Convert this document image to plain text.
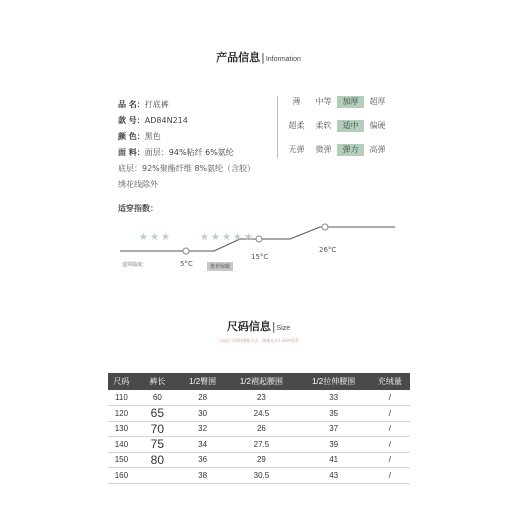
产品信息|Information
品 名：打底裤
款 号：AD84N214
颜 色：黑色
面 料：面层：94%粘纤 6%氨纶
底层：92%聚酯纤维 8%氨纶（含胶）
绣花线除外
薄	中等	加厚	超厚
超柔	柔软	适中	偏硬
无弹	微弹	弹力	高弹
适穿指数：
★ ★ ★	★ ★ ★ ★ ★
适穿温度：	5°C
15°C
26°C
推荐保暖
尺码信息|Size
尺码因不同的测量方法，测量允许1-3cm误差
尺码	裤长	1/2臀围	1/2褶起腰围	1/2拉伸腰围	充绒量
110	60	28	23	33	/
120	65	30	24.5	35	/
130	70	32	26	37	/
140	75	34	27.5	39	/
150	80	36	29	41	/
160		38	30.5	43	/
